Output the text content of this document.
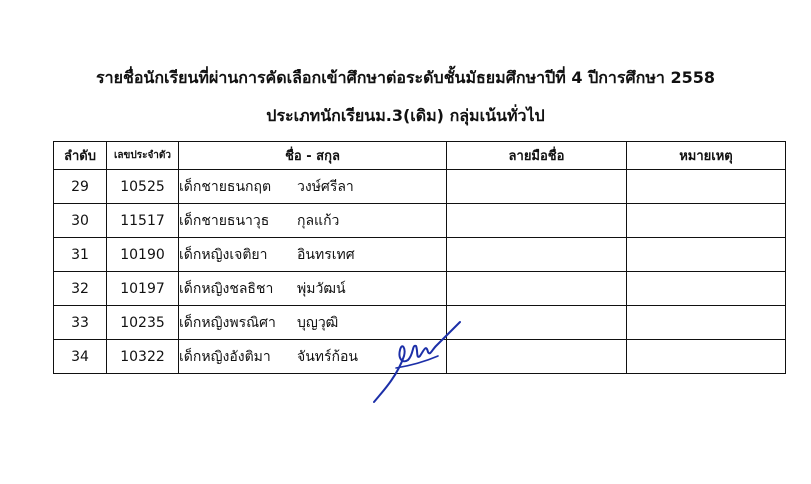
รายชื่อนักเรียนที่ผ่านการคัดเลือกเข้าศึกษาต่อระดับชั้นมัธยมศึกษาปีที่ 4 ปีการศึกษา 2558
ประเภทนักเรียนม.3(เดิม) กลุ่มเน้นทั่วไป
ลำดับ	เลขประจำตัว	ชื่อ - สกุล	ลายมือชื่อ	หมายเหตุ
29	10525	เด็กชายธนกฤต วงษ์ศรีลา		
30	11517	เด็กชายธนาวุธ กุลแก้ว		
31	10190	เด็กหญิงเจติยา อินทรเทศ		
32	10197	เด็กหญิงชลธิชา พุ่มวัฒน์		
33	10235	เด็กหญิงพรณิศา บุญวุฒิ		
34	10322	เด็กหญิงอังติมา จันทร์ก้อน		
